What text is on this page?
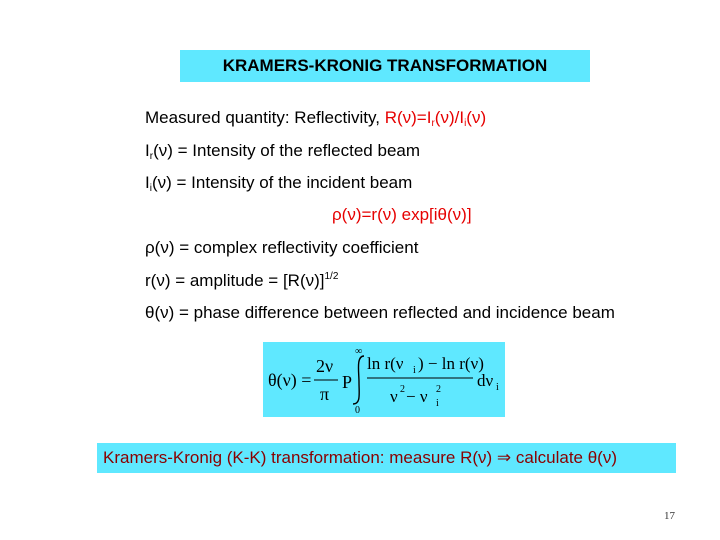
KRAMERS-KRONIG TRANSFORMATION
Measured quantity: Reflectivity, $R(\nu)=I_r(\nu)/I_i(\nu)$
$I_r(\nu)$ = Intensity of the reflected beam
$I_i(\nu)$ = Intensity of the incident beam
ρ(ν)=r(ν) exp[iθ(ν)]
ρ(ν) = complex reflectivity coefficient
r(ν) = amplitude = $[R(\nu)]^{1/2}$
θ(ν) = phase difference between reflected and incidence beam
θ(ν) =
2ν
π
P
∞
0
ln r(ν i ) − ln r(ν)
ν 2 − ν 2
i
dν i
Kramers-Kronig (K-K) transformation: measure R(ν) ⇒ calculate θ(ν)
17
